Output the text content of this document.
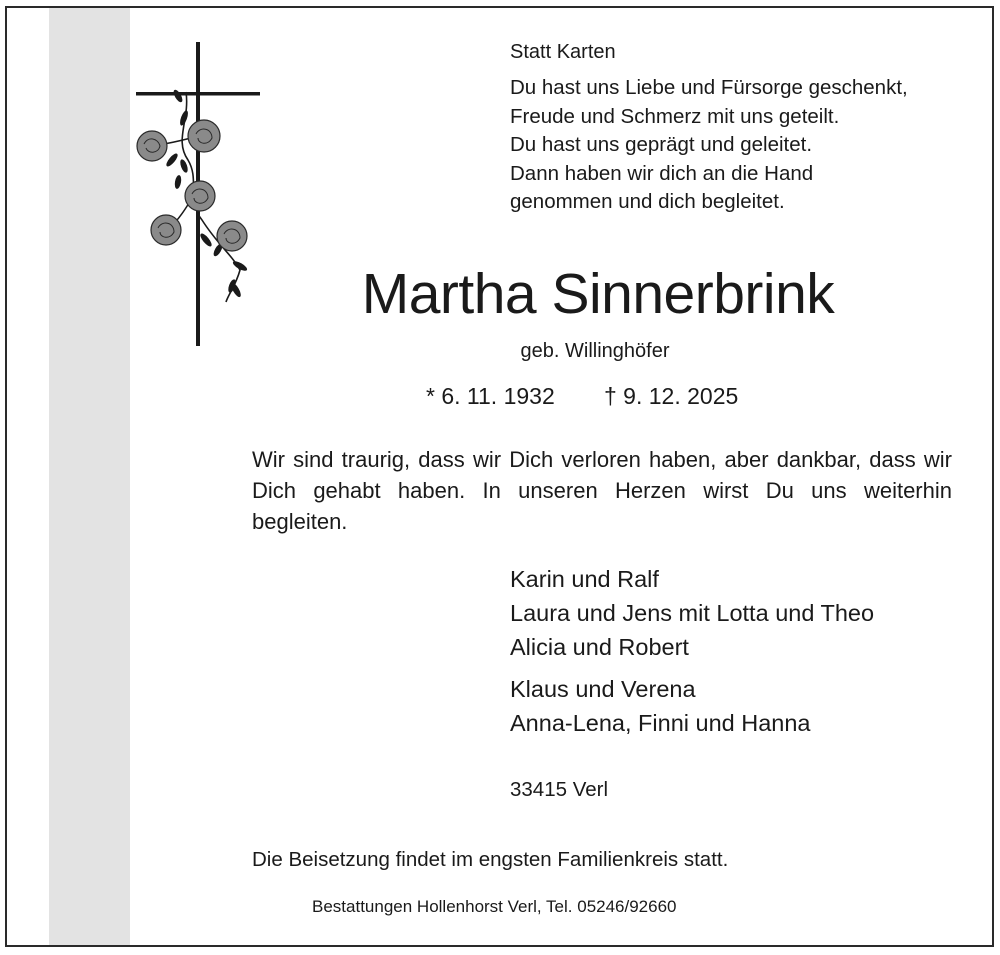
Statt Karten
Du hast uns Liebe und Fürsorge geschenkt,
Freude und Schmerz mit uns geteilt.
Du hast uns geprägt und geleitet.
Dann haben wir dich an die Hand
genommen und dich begleitet.
Martha Sinnerbrink
geb. Willinghöfer
* 6. 11. 1932 † 9. 12. 2025
Wir sind traurig, dass wir Dich verloren haben, aber dankbar, dass wir Dich gehabt haben. In unseren Herzen wirst Du uns weiterhin begleiten.
Karin und Ralf
Laura und Jens mit Lotta und Theo
Alicia und Robert
Klaus und Verena
Anna-Lena, Finni und Hanna
33415 Verl
Die Beisetzung findet im engsten Familienkreis statt.
Bestattungen Hollenhorst Verl, Tel. 05246/92660
